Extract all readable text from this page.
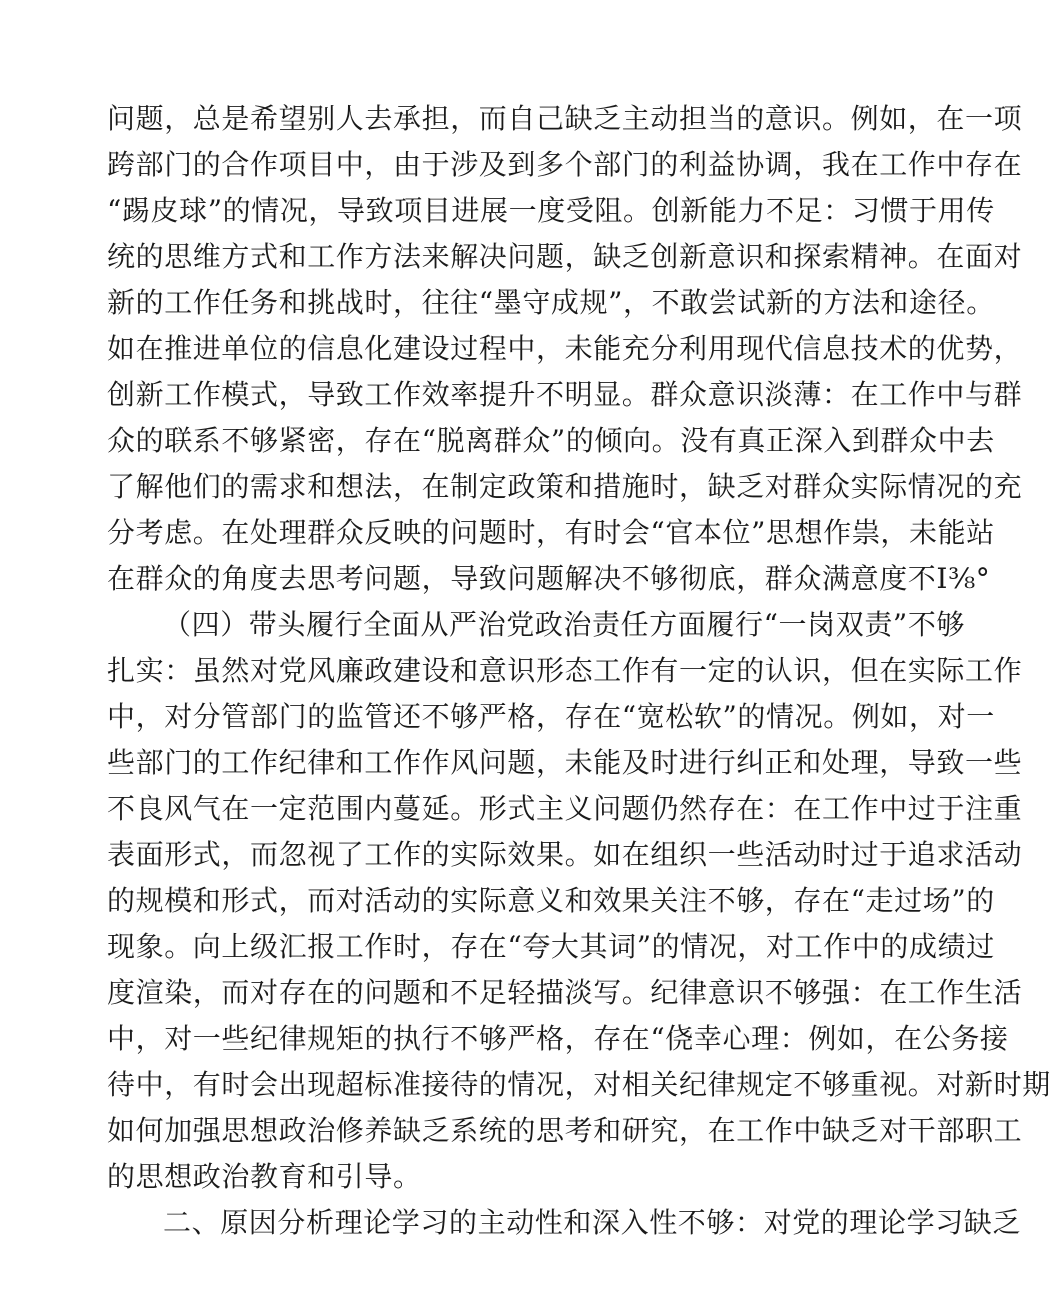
问题，总是希望别人去承担，而自己缺乏主动担当的意识。例如，在一项
跨部门的合作项目中，由于涉及到多个部门的利益协调，我在工作中存在
“踢皮球”的情况，导致项目进展一度受阻。创新能力不足：习惯于用传
统的思维方式和工作方法来解决问题，缺乏创新意识和探索精神。在面对
新的工作任务和挑战时，往往“墨守成规”，不敢尝试新的方法和途径。
如在推进单位的信息化建设过程中，未能充分利用现代信息技术的优势，
创新工作模式，导致工作效率提升不明显。群众意识淡薄：在工作中与群
众的联系不够紧密，存在“脱离群众”的倾向。没有真正深入到群众中去
了解他们的需求和想法，在制定政策和措施时，缺乏对群众实际情况的充
分考虑。在处理群众反映的问题时，有时会“官本位”思想作祟，未能站
在群众的角度去思考问题，导致问题解决不够彻底，群众满意度不I⅜°
（四）带头履行全面从严治党政治责任方面履行“一岗双责”不够
扎实：虽然对党风廉政建设和意识形态工作有一定的认识，但在实际工作
中，对分管部门的监管还不够严格，存在“宽松软”的情况。例如，对一
些部门的工作纪律和工作作风问题，未能及时进行纠正和处理，导致一些
不良风气在一定范围内蔓延。形式主义问题仍然存在：在工作中过于注重
表面形式，而忽视了工作的实际效果。如在组织一些活动时过于追求活动
的规模和形式，而对活动的实际意义和效果关注不够，存在“走过场”的
现象。向上级汇报工作时，存在“夸大其词”的情况，对工作中的成绩过
度渲染，而对存在的问题和不足轻描淡写。纪律意识不够强：在工作生活
中，对一些纪律规矩的执行不够严格，存在“侥幸心理：例如，在公务接
待中，有时会出现超标准接待的情况，对相关纪律规定不够重视。对新时期
如何加强思想政治修养缺乏系统的思考和研究，在工作中缺乏对干部职工
的思想政治教育和引导。
二、原因分析理论学习的主动性和深入性不够：对党的理论学习缺乏
